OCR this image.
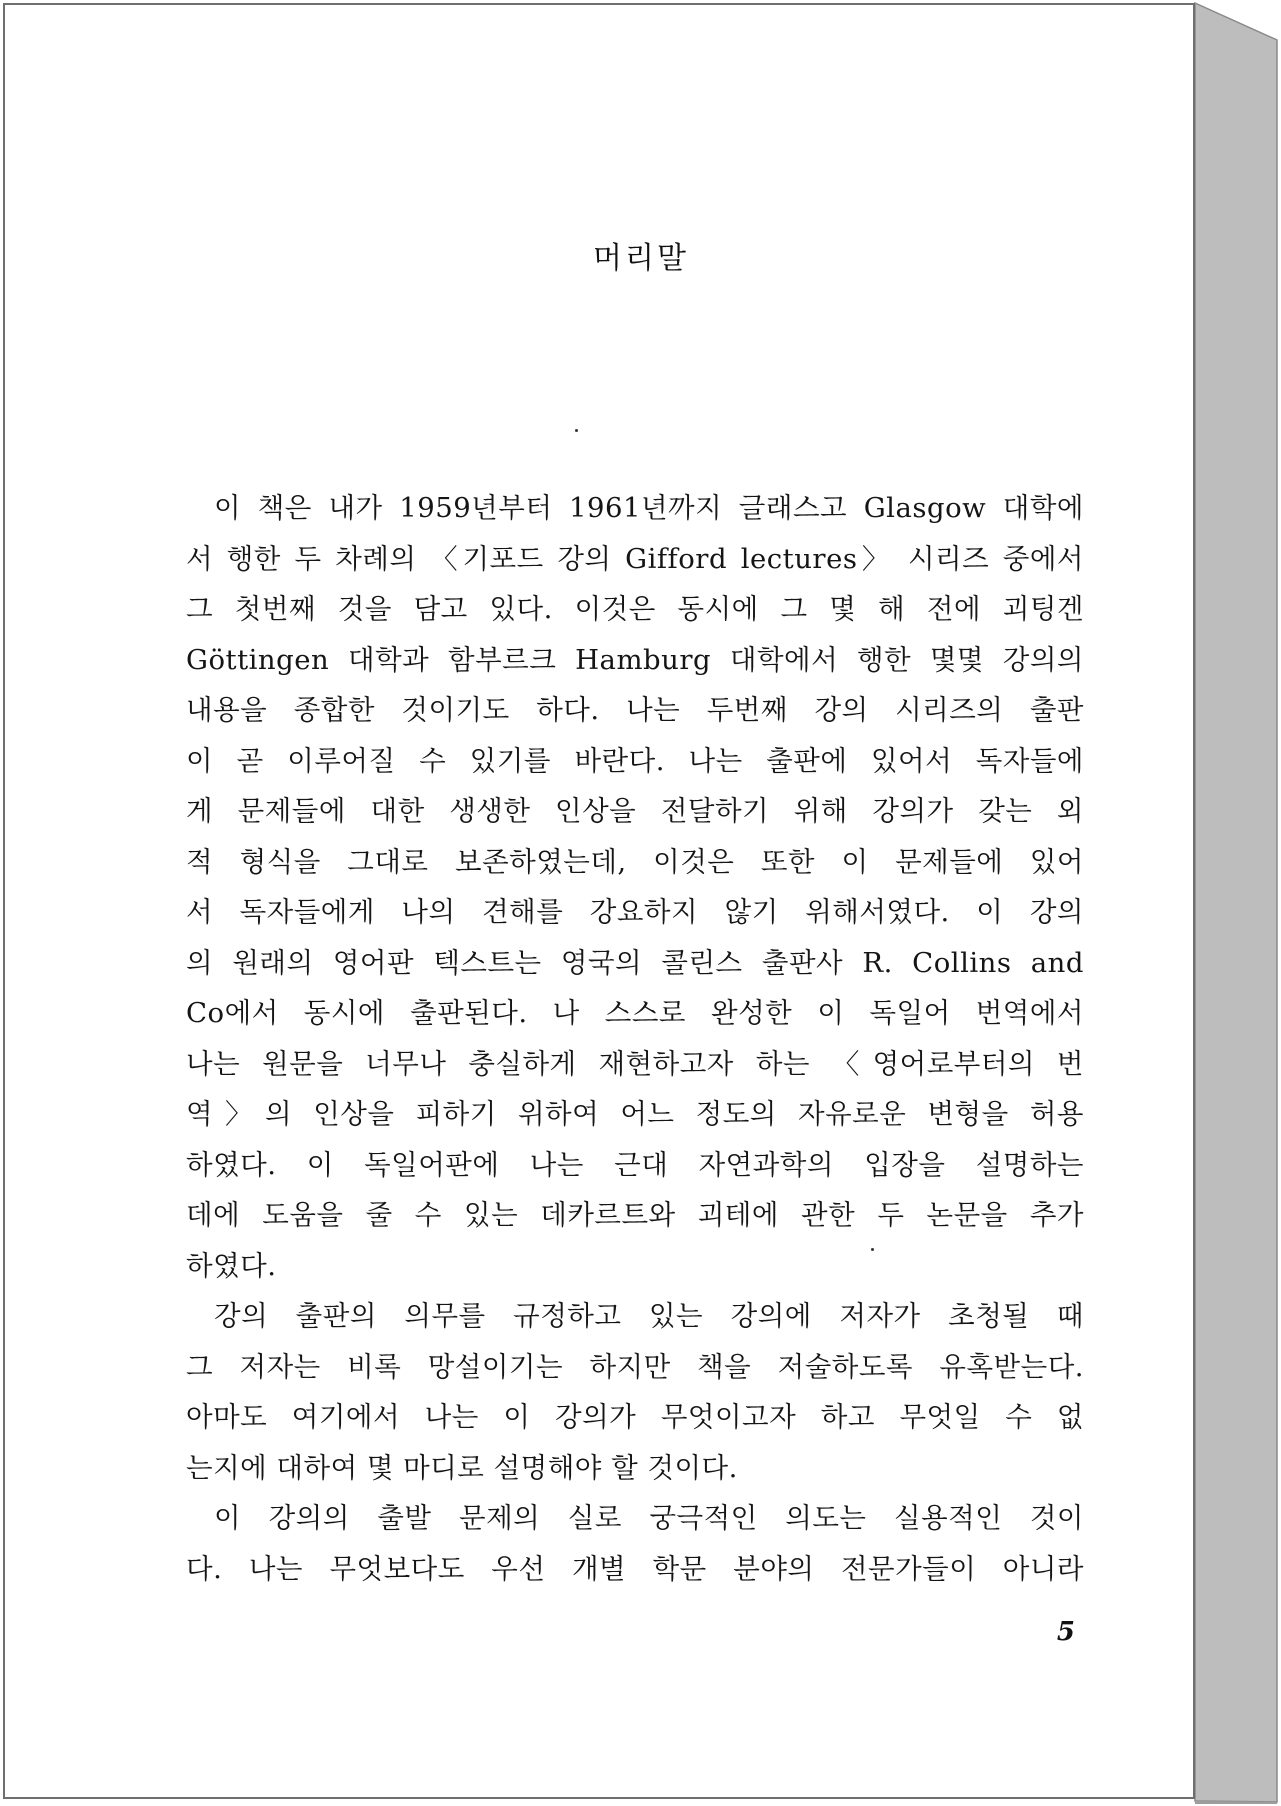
머리말
이 책은 내가 1959년부터 1961년까지 글래스고 Glasgow 대학에
서 행한 두 차례의 〈기포드 강의 Gifford lectures〉 시리즈 중에서
그 첫번째 것을 담고 있다. 이것은 동시에 그 몇 해 전에 괴팅겐
Göttingen 대학과 함부르크 Hamburg 대학에서 행한 몇몇 강의의
내용을 종합한 것이기도 하다. 나는 두번째 강의 시리즈의 출판
이 곧 이루어질 수 있기를 바란다. 나는 출판에 있어서 독자들에
게 문제들에 대한 생생한 인상을 전달하기 위해 강의가 갖는 외
적 형식을 그대로 보존하였는데, 이것은 또한 이 문제들에 있어
서 독자들에게 나의 견해를 강요하지 않기 위해서였다. 이 강의
의 원래의 영어판 텍스트는 영국의 콜린스 출판사 R. Collins and
Co에서 동시에 출판된다. 나 스스로 완성한 이 독일어 번역에서
나는 원문을 너무나 충실하게 재현하고자 하는 〈영어로부터의 번
역〉의 인상을 피하기 위하여 어느 정도의 자유로운 변형을 허용
하였다. 이 독일어판에 나는 근대 자연과학의 입장을 설명하는
데에 도움을 줄 수 있는 데카르트와 괴테에 관한 두 논문을 추가
하였다.
강의 출판의 의무를 규정하고 있는 강의에 저자가 초청될 때
그 저자는 비록 망설이기는 하지만 책을 저술하도록 유혹받는다.
아마도 여기에서 나는 이 강의가 무엇이고자 하고 무엇일 수 없
는지에 대하여 몇 마디로 설명해야 할 것이다.
이 강의의 출발 문제의 실로 궁극적인 의도는 실용적인 것이
다. 나는 무엇보다도 우선 개별 학문 분야의 전문가들이 아니라
5
